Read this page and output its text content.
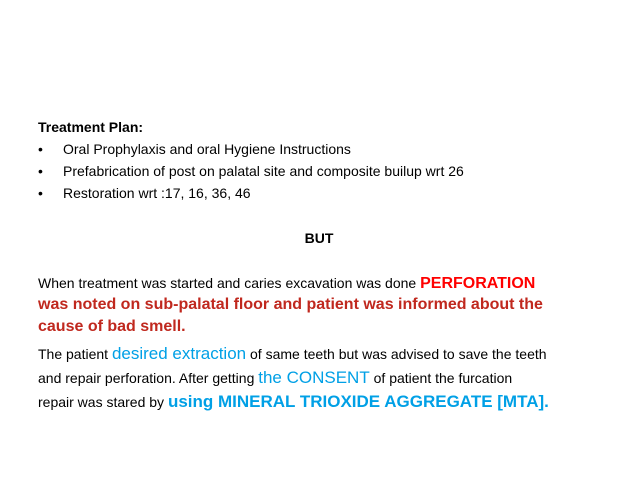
Treatment Plan:
•	Oral Prophylaxis and oral Hygiene Instructions
•	Prefabrication of post on palatal site and composite builup wrt 26
•	Restoration wrt :17, 16, 36, 46
BUT
When treatment was started and caries excavation was done PERFORATION
was noted on sub-palatal floor and patient was informed about the
cause of bad smell.
The patient desired extraction of same teeth but was advised to save the teeth
and repair perforation. After getting the CONSENT of patient the furcation
repair was stared by using MINERAL TRIOXIDE AGGREGATE [MTA].
